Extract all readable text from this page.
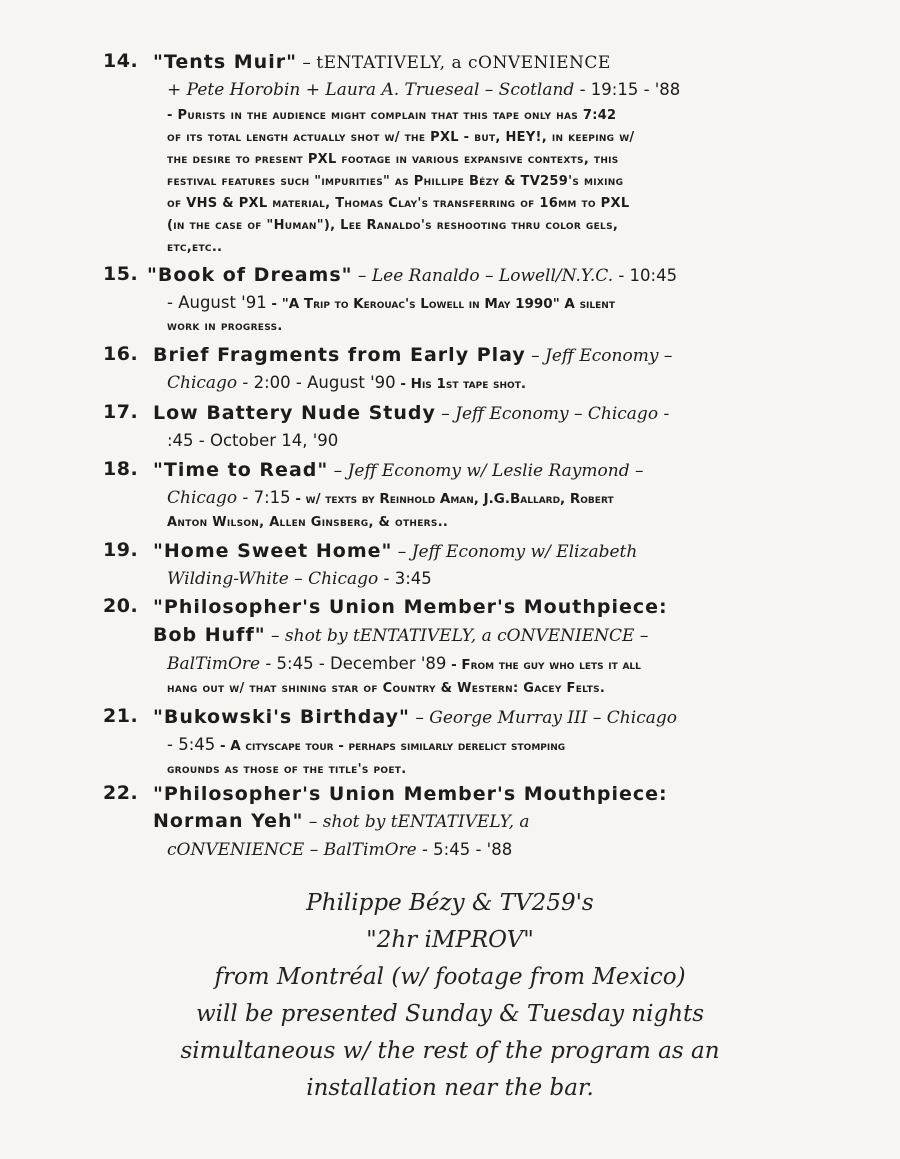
14. "Tents Muir" – tENTATIVELY, a cONVENIENCE
+ Pete Horobin + Laura A. Trueseal – Scotland - 19:15 - '88
- Purists in the audience might complain that this tape only has 7:42
of its total length actually shot w/ the PXL - but, HEY!, in keeping w/
the desire to present PXL footage in various expansive contexts, this
festival features such "impurities" as Phillipe Bézy & TV259's mixing
of VHS & PXL material, Thomas Clay's transferring of 16mm to PXL
(in the case of "Human"), Lee Ranaldo's reshooting thru color gels,
etc,etc..
15. "Book of Dreams" – Lee Ranaldo – Lowell/N.Y.C. - 10:45
- August '91 - "A Trip to Kerouac's Lowell in May 1990" A silent
work in progress.
16. Brief Fragments from Early Play – Jeff Economy –
Chicago - 2:00 - August '90 - His 1st tape shot.
17. Low Battery Nude Study – Jeff Economy – Chicago -
:45 - October 14, '90
18. "Time to Read" – Jeff Economy w/ Leslie Raymond –
Chicago - 7:15 - w/ texts by Reinhold Aman, J.G.Ballard, Robert
Anton Wilson, Allen Ginsberg, & others..
19. "Home Sweet Home" – Jeff Economy w/ Elizabeth
Wilding-White – Chicago - 3:45
20. "Philosopher's Union Member's Mouthpiece:
Bob Huff" – shot by tENTATIVELY, a cONVENIENCE –
BalTimOre - 5:45 - December '89 - From the guy who lets it all
hang out w/ that shining star of Country & Western: Gacey Felts.
21. "Bukowski's Birthday" – George Murray III – Chicago
- 5:45 - A cityscape tour - perhaps similarly derelict stomping
grounds as those of the title's poet.
22. "Philosopher's Union Member's Mouthpiece:
Norman Yeh" – shot by tENTATIVELY, a
cONVENIENCE – BalTimOre - 5:45 - '88
Philippe Bézy & TV259's
"2hr iMPROV"
from Montréal (w/ footage from Mexico)
will be presented Sunday & Tuesday nights
simultaneous w/ the rest of the program as an
installation near the bar.
